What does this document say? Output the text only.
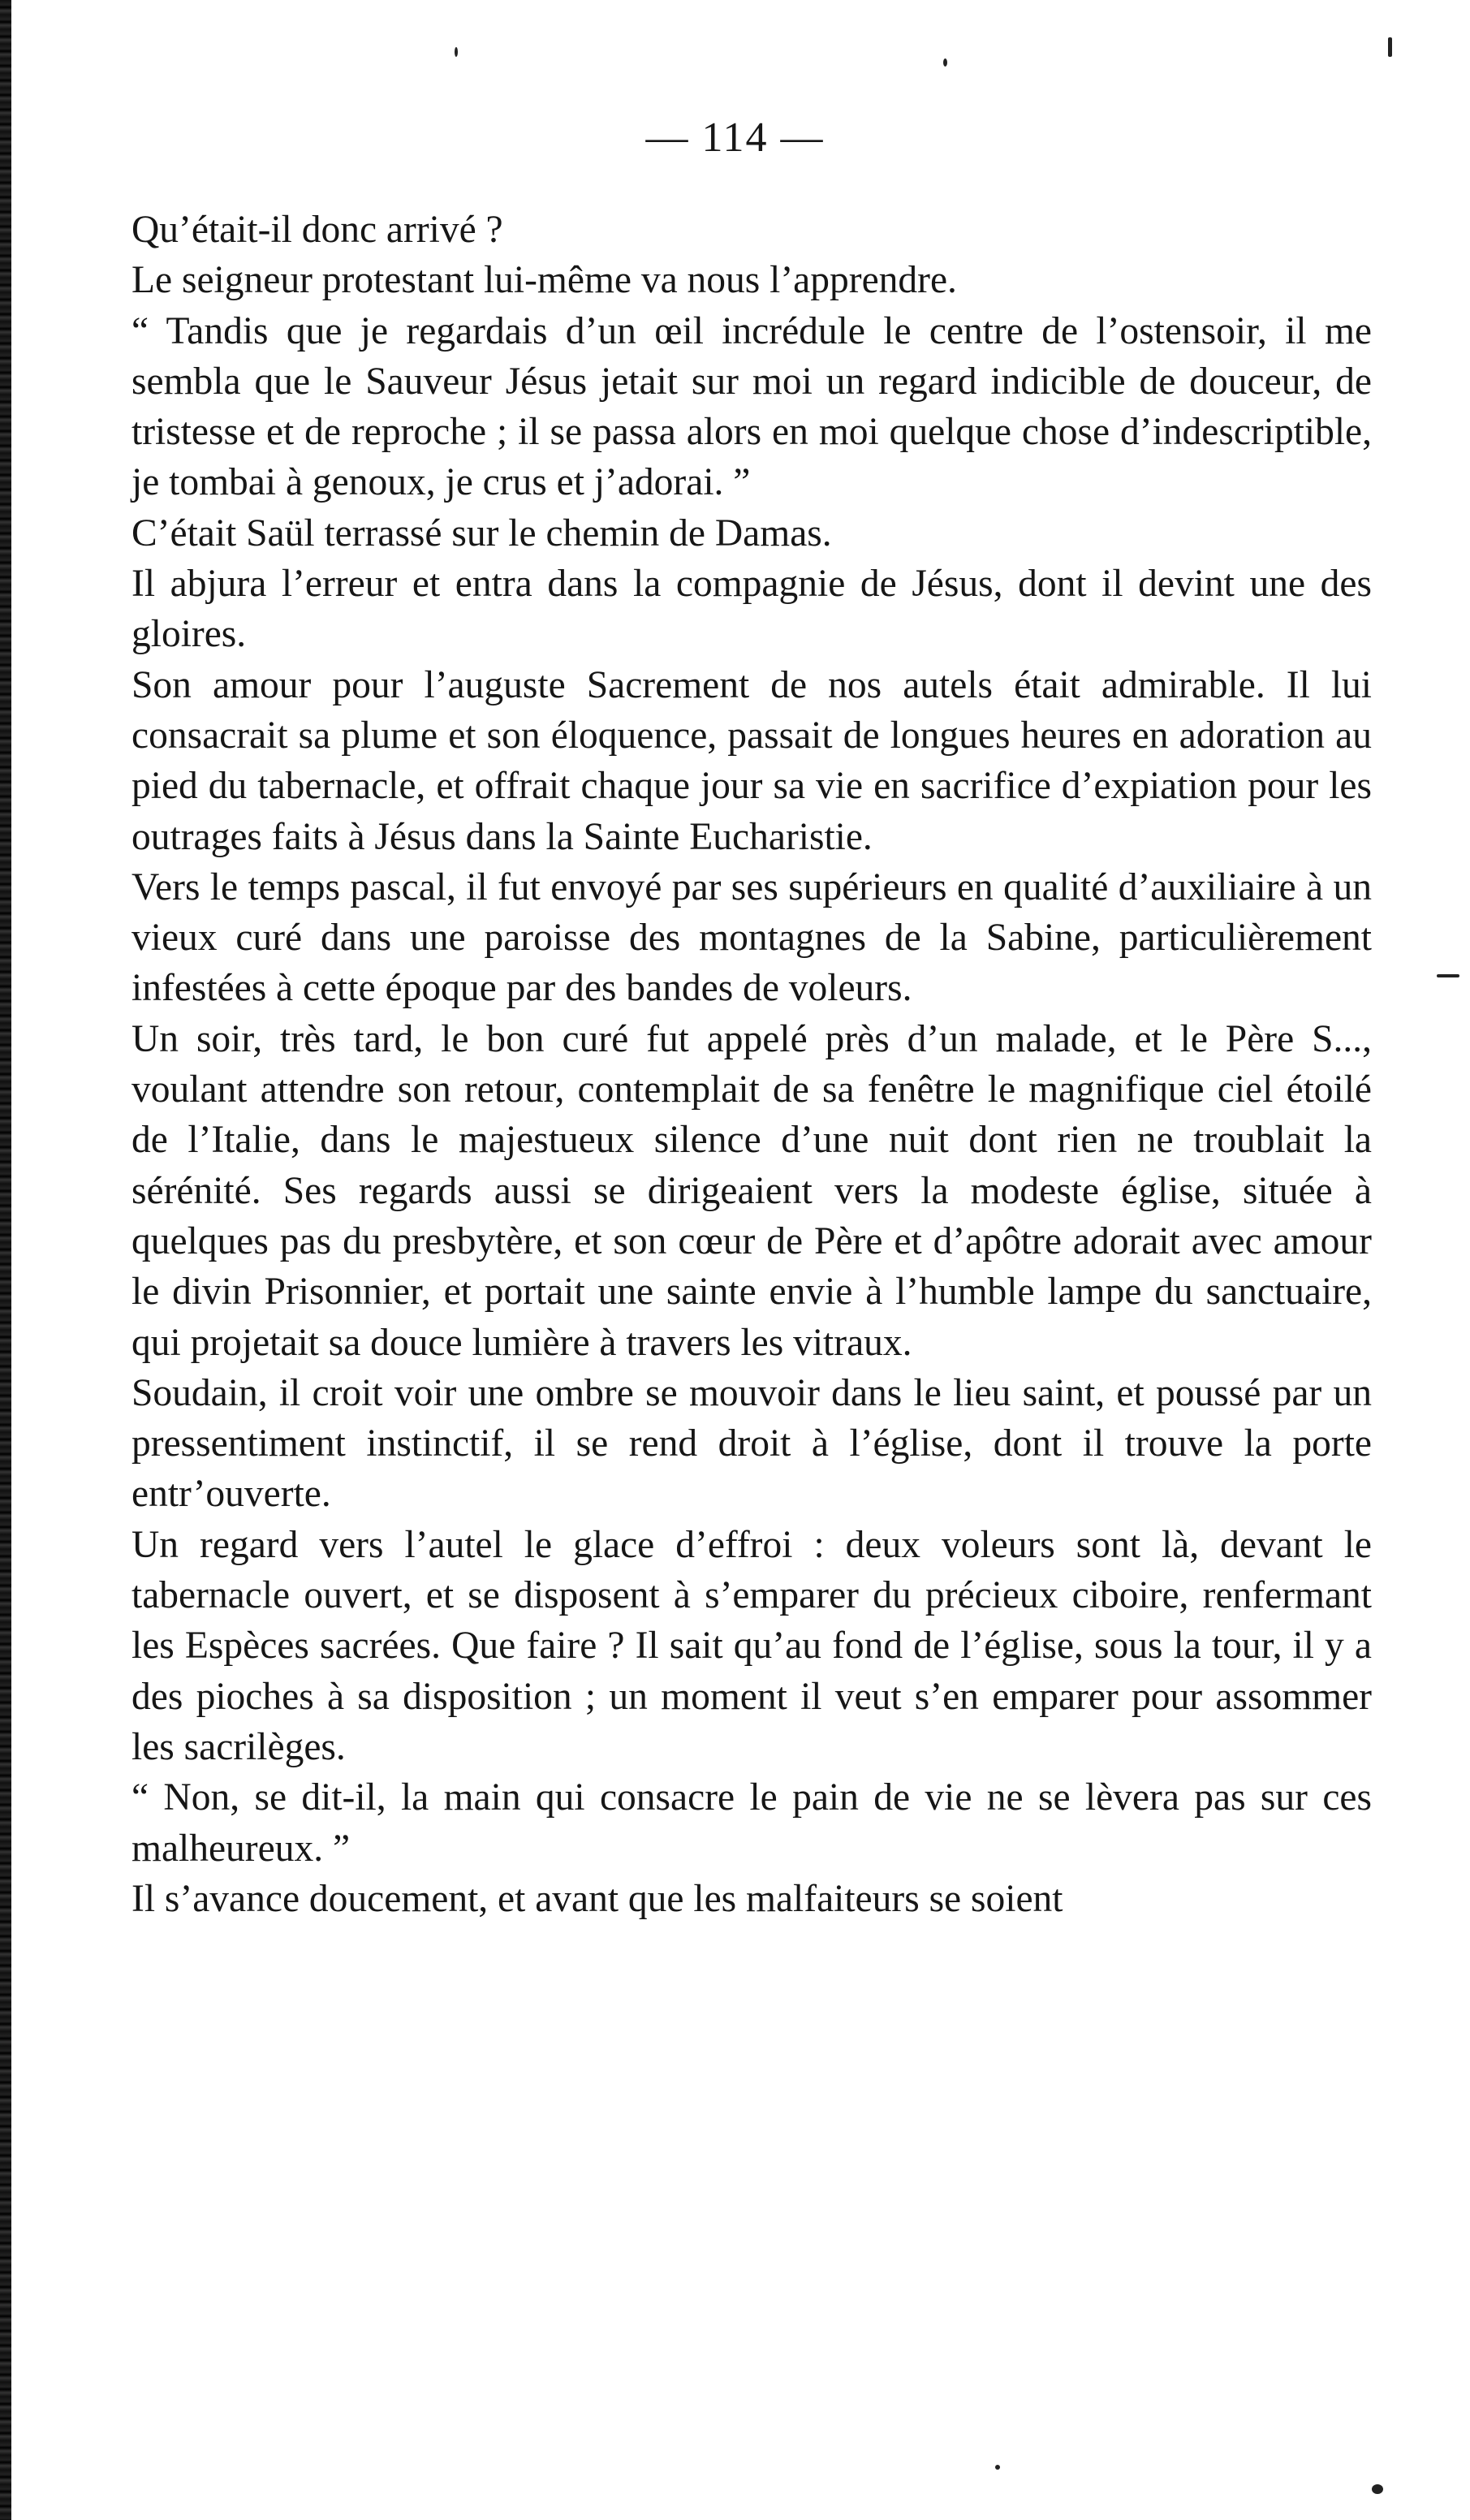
— 114 —

Qu’était-il donc arrivé ?

Le seigneur protestant lui-même va nous l’apprendre.

“ Tandis que je regardais d’un œil incrédule le centre de l’ostensoir, il me sembla que le Sauveur Jésus jetait sur moi un regard indicible de douceur, de tristesse et de reproche ; il se passa alors en moi quelque chose d’indescriptible, je tombai à genoux, je crus et j’adorai. ”

C’était Saül terrassé sur le chemin de Damas.

Il abjura l’erreur et entra dans la compagnie de Jésus, dont il devint une des gloires.

Son amour pour l’auguste Sacrement de nos autels était admirable. Il lui consacrait sa plume et son éloquence, passait de longues heures en adoration au pied du tabernacle, et offrait chaque jour sa vie en sacrifice d’expiation pour les outrages faits à Jésus dans la Sainte Eucharistie.

Vers le temps pascal, il fut envoyé par ses supérieurs en qualité d’auxiliaire à un vieux curé dans une paroisse des montagnes de la Sabine, particulièrement infestées à cette époque par des bandes de voleurs.

Un soir, très tard, le bon curé fut appelé près d’un malade, et le Père S..., voulant attendre son retour, contemplait de sa fenêtre le magnifique ciel étoilé de l’Italie, dans le majestueux silence d’une nuit dont rien ne troublait la sérénité. Ses regards aussi se dirigeaient vers la modeste église, située à quelques pas du presbytère, et son cœur de Père et d’apôtre adorait avec amour le divin Prisonnier, et portait une sainte envie à l’humble lampe du sanctuaire, qui projetait sa douce lumière à travers les vitraux.

Soudain, il croit voir une ombre se mouvoir dans le lieu saint, et poussé par un pressentiment instinctif, il se rend droit à l’église, dont il trouve la porte entr’ouverte.

Un regard vers l’autel le glace d’effroi : deux voleurs sont là, devant le tabernacle ouvert, et se disposent à s’emparer du précieux ciboire, renfermant les Espèces sacrées. Que faire ? Il sait qu’au fond de l’église, sous la tour, il y a des pioches à sa disposition ; un moment il veut s’en emparer pour assommer les sacrilèges.

“ Non, se dit-il, la main qui consacre le pain de vie ne se lèvera pas sur ces malheureux. ”

Il s’avance doucement, et avant que les malfaiteurs se soient
